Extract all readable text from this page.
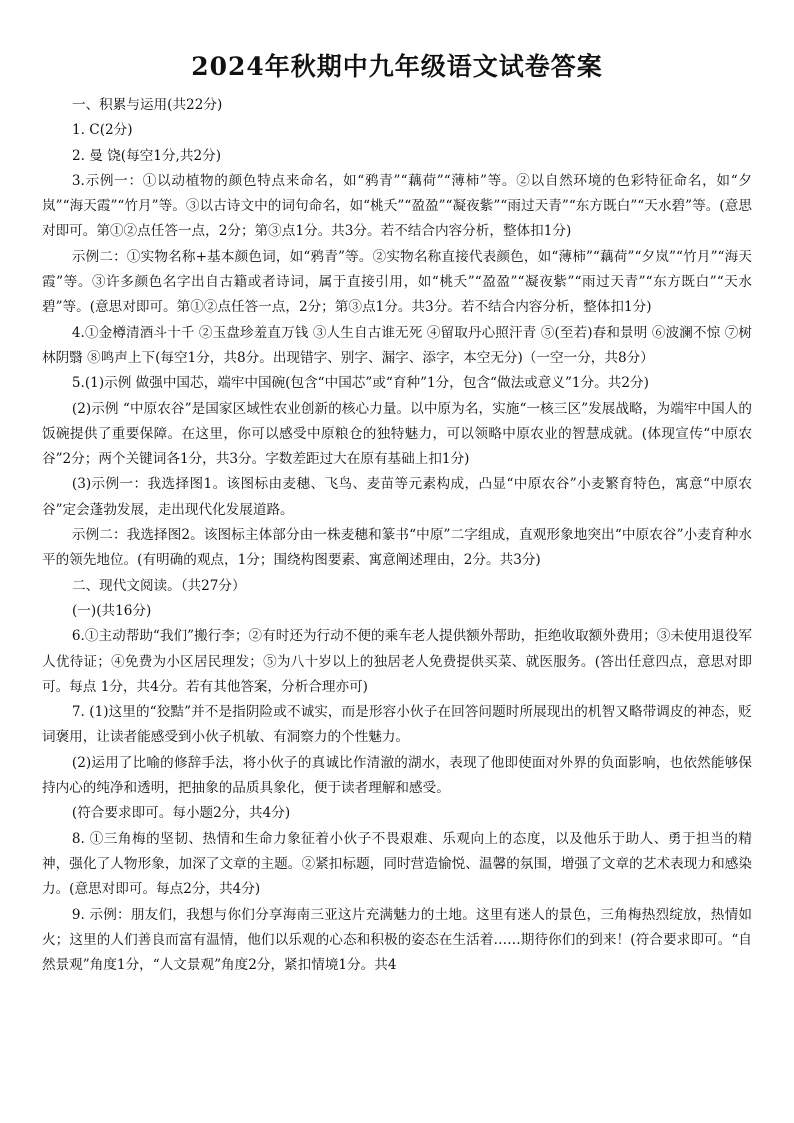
2024年秋期中九年级语文试卷答案

一、积累与运用(共22分)

1. C(2分)

2. 曼 饶(每空1分,共2分)

3.示例一：①以动植物的颜色特点来命名，如“鸦青”“藕荷”“薄柿”等。②以自然环境的色彩特征命名，如“夕岚”“海天霞”“竹月”等。③以古诗文中的词句命名，如“桃夭”“盈盈”“凝夜紫”“雨过天青”“东方既白”“天水碧”等。(意思对即可。第①②点任答一点，2分；第③点1分。共3分。若不结合内容分析，整体扣1分)

示例二：①实物名称+基本颜色词，如“鸦青”等。②实物名称直接代表颜色，如“薄柿”“藕荷”“夕岚”“竹月”“海天霞”等。③许多颜色名字出自古籍或者诗词，属于直接引用，如“桃夭”“盈盈”“凝夜紫”“雨过天青”“东方既白”“天水碧”等。(意思对即可。第①②点任答一点，2分；第③点1分。共3分。若不结合内容分析，整体扣1分)

4.①金樽清酒斗十千 ②玉盘珍羞直万钱 ③人生自古谁无死 ④留取丹心照汗青 ⑤(至若)春和景明 ⑥波澜不惊 ⑦树林阴翳 ⑧鸣声上下(每空1分，共8分。出现错字、别字、漏字、添字，本空无分)（一空一分，共8分）

5.(1)示例 做强中国芯，端牢中国碗(包含“中国芯”或“育种”1分，包含“做法或意义”1分。共2分)

(2)示例 “中原农谷”是国家区域性农业创新的核心力量。以中原为名，实施“一核三区”发展战略，为端牢中国人的饭碗提供了重要保障。在这里，你可以感受中原粮仓的独特魅力，可以领略中原农业的智慧成就。(体现宣传“中原农谷”2分；两个关键词各1分，共3分。字数差距过大在原有基础上扣1分)

(3)示例一：我选择图1。该图标由麦穗、飞鸟、麦苗等元素构成，凸显“中原农谷”小麦繁育特色，寓意“中原农谷”定会蓬勃发展，走出现代化发展道路。

示例二：我选择图2。该图标主体部分由一株麦穗和篆书“中原”二字组成，直观形象地突出“中原农谷”小麦育种水平的领先地位。(有明确的观点，1分；围绕构图要素、寓意阐述理由，2分。共3分)

二、现代文阅读。（共27分）

(一)(共16分)

6.①主动帮助“我们”搬行李；②有时还为行动不便的乘车老人提供额外帮助，拒绝收取额外费用；③未使用退役军人优待证；④免费为小区居民理发；⑤为八十岁以上的独居老人免费提供买菜、就医服务。(答出任意四点，意思对即可。每点 1分，共4分。若有其他答案，分析合理亦可)

7. (1)这里的“狡黠”并不是指阴险或不诚实，而是形容小伙子在回答问题时所展现出的机智又略带调皮的神态，贬词褒用，让读者能感受到小伙子机敏、有洞察力的个性魅力。

(2)运用了比喻的修辞手法，将小伙子的真诚比作清澈的湖水，表现了他即使面对外界的负面影响，也依然能够保持内心的纯净和透明，把抽象的品质具象化，便于读者理解和感受。

(符合要求即可。每小题2分，共4分)

8. ①三角梅的坚韧、热情和生命力象征着小伙子不畏艰难、乐观向上的态度，以及他乐于助人、勇于担当的精神，强化了人物形象，加深了文章的主题。②紧扣标题，同时营造愉悦、温馨的氛围，增强了文章的艺术表现力和感染力。(意思对即可。每点2分，共4分)

9. 示例：朋友们，我想与你们分享海南三亚这片充满魅力的土地。这里有迷人的景色，三角梅热烈绽放，热情如火；这里的人们善良而富有温情，他们以乐观的心态和积极的姿态在生活着……期待你们的到来！(符合要求即可。“自然景观”角度1分，“人文景观”角度2分，紧扣情境1分。共4
